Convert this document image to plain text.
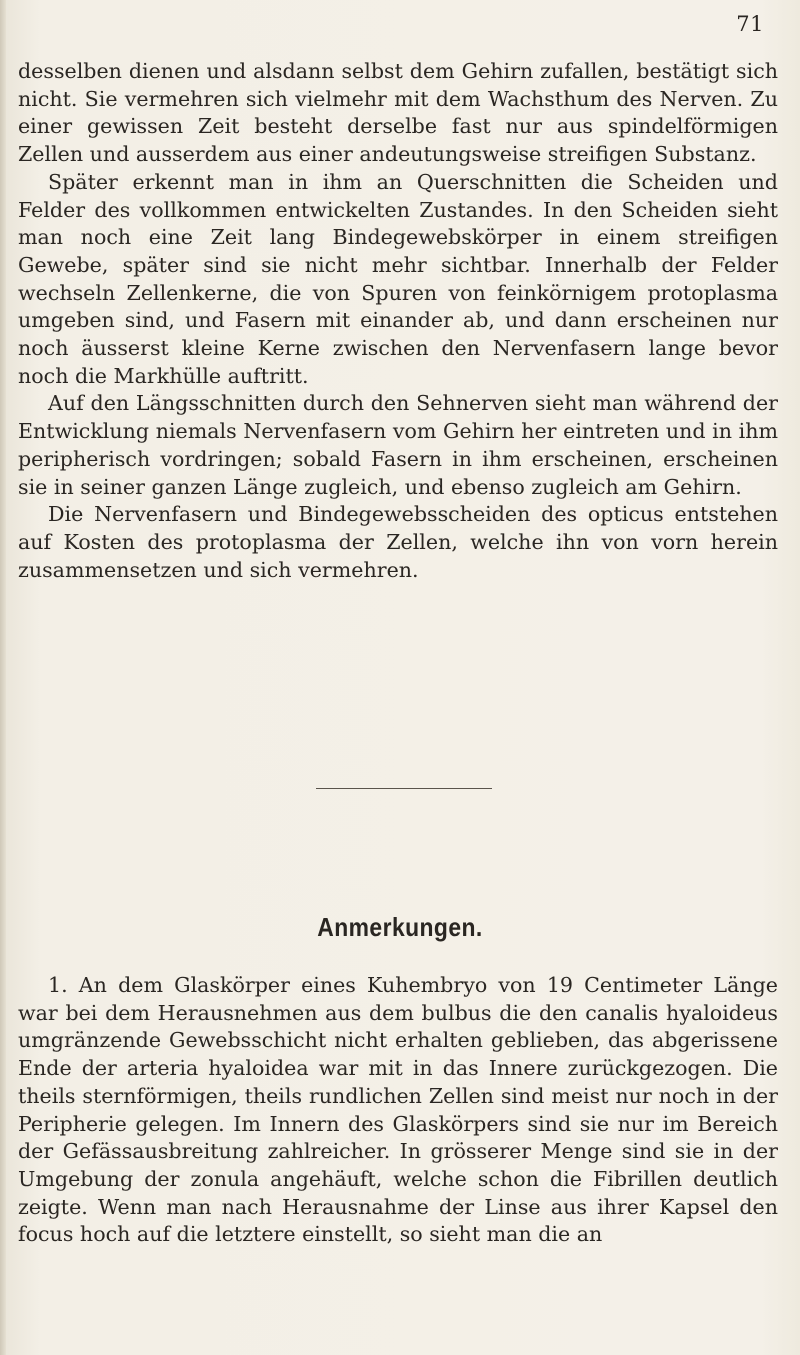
71

desselben dienen und alsdann selbst dem Gehirn zufallen, bestätigt sich nicht. Sie vermehren sich vielmehr mit dem Wachsthum des Nerven. Zu einer gewissen Zeit besteht derselbe fast nur aus spindelförmigen Zellen und ausserdem aus einer andeutungsweise streifigen Substanz.

Später erkennt man in ihm an Querschnitten die Scheiden und Felder des vollkommen entwickelten Zustandes. In den Scheiden sieht man noch eine Zeit lang Bindegewebskörper in einem streifigen Gewebe, später sind sie nicht mehr sichtbar. Innerhalb der Felder wechseln Zellenkerne, die von Spuren von feinkörnigem protoplasma umgeben sind, und Fasern mit einander ab, und dann erscheinen nur noch äusserst kleine Kerne zwischen den Nervenfasern lange bevor noch die Markhülle auftritt.

Auf den Längsschnitten durch den Sehnerven sieht man während der Entwicklung niemals Nervenfasern vom Gehirn her eintreten und in ihm peripherisch vordringen; sobald Fasern in ihm erscheinen, erscheinen sie in seiner ganzen Länge zugleich, und ebenso zugleich am Gehirn.

Die Nervenfasern und Bindegewebsscheiden des opticus entstehen auf Kosten des protoplasma der Zellen, welche ihn von vorn herein zusammensetzen und sich vermehren.

Anmerkungen.

1. An dem Glaskörper eines Kuhembryo von 19 Centimeter Länge war bei dem Herausnehmen aus dem bulbus die den canalis hyaloideus umgränzende Gewebsschicht nicht erhalten geblieben, das abgerissene Ende der arteria hyaloidea war mit in das Innere zurückgezogen. Die theils sternförmigen, theils rundlichen Zellen sind meist nur noch in der Peripherie gelegen. Im Innern des Glaskörpers sind sie nur im Bereich der Gefässausbreitung zahlreicher. In grösserer Menge sind sie in der Umgebung der zonula angehäuft, welche schon die Fibrillen deutlich zeigte. Wenn man nach Herausnahme der Linse aus ihrer Kapsel den focus hoch auf die letztere einstellt, so sieht man die an
